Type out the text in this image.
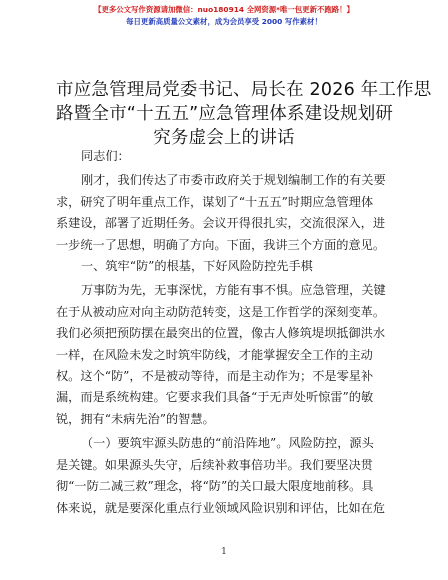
【更多公文写作资源请加微信：nuo180914 全网资源*唯一包更新不跑路！】
每日更新高质量公文素材，成为会员享受 2000 写作素材！
市应急管理局党委书记、局长在 2026 年工作思
路暨全市“十五五”应急管理体系建设规划研
究务虚会上的讲话
同志们：
刚才，我们传达了市委市政府关于规划编制工作的有关要
求，研究了明年重点工作，谋划了“十五五”时期应急管理体
系建设，部署了近期任务。会议开得很扎实，交流很深入，进
一步统一了思想，明确了方向。下面，我讲三个方面的意见。
一、筑牢“防”的根基，下好风险防控先手棋
万事防为先，无事深忧，方能有事不惧。应急管理，关键
在于从被动应对向主动防范转变，这是工作哲学的深刻变革。
我们必须把预防摆在最突出的位置，像古人修筑堤坝抵御洪水
一样，在风险未发之时筑牢防线，才能掌握安全工作的主动
权。这个“防”，不是被动等待，而是主动作为；不是零星补
漏，而是系统构建。它要求我们具备“于无声处听惊雷”的敏
锐，拥有“未病先治”的智慧。
（一）要筑牢源头防患的“前沿阵地”。风险防控，源头
是关键。如果源头失守，后续补救事倍功半。我们要坚决贯
彻“一防二减三救”理念，将“防”的关口最大限度地前移。具
体来说，就是要深化重点行业领域风险识别和评估，比如在危
1
